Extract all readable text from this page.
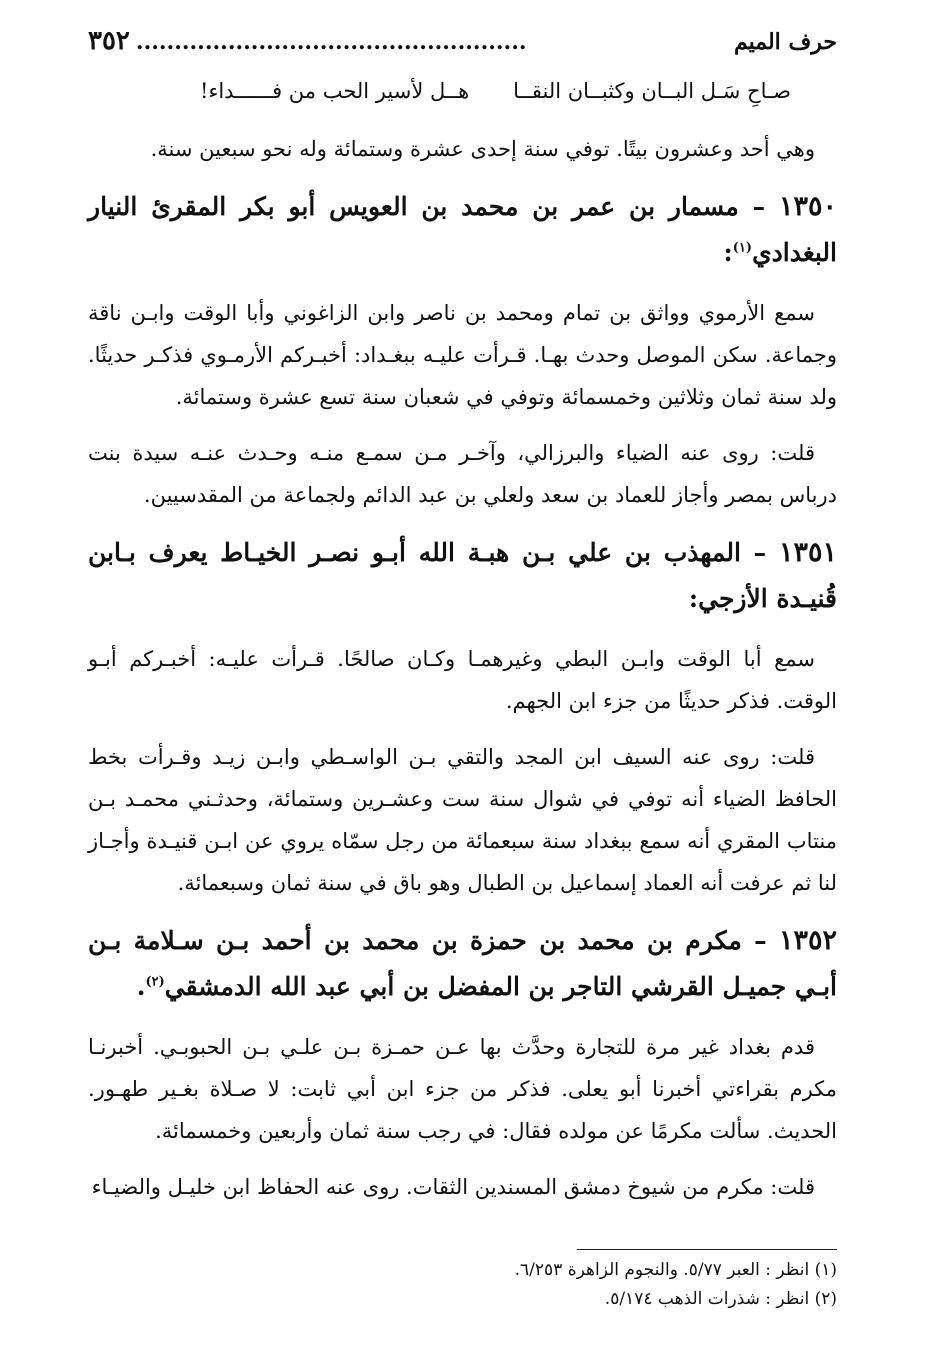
حرف الميم
...................................................
٣٥٢
صـاحِ سَـل البــان وكثبــان النقــا
هــل لأسير الحب من فــــــداء!

وهي أحد وعشرون بيتًا. توفي سنة إحدى عشرة وستمائة وله نحو سبعين سنة.

١٣٥٠ – مسمار بن عمر بن محمد بن العويس أبو بكر المقرئ النيار البغدادي$^{(١)}$:

سمع الأرموي وواثق بن تمام ومحمد بن ناصر وابن الزاغوني وأبا الوقت وابـن ناقة وجماعة. سكن الموصل وحدث بهـا. قـرأت عليـه ببغـداد: أخبـركم الأرمـوي فذكـر حديثًا. ولد سنة ثمان وثلاثين وخمسمائة وتوفي في شعبان سنة تسع عشرة وستمائة.

قلت: روى عنه الضياء والبرزالي، وآخـر مـن سمـع منـه وحـدث عنـه سيدة بنت درباس بمصر وأجاز للعماد بن سعد ولعلي بن عبد الدائم ولجماعة من المقدسيين.

١٣٥١ – المهذب بن علي بـن هبـة الله أبـو نصـر الخيـاط يعرف بـابن قُنيـدة الأزجي:

سمع أبا الوقت وابـن البطي وغيرهمـا وكـان صالحًا. قـرأت عليـه: أخبـركم أبـو الوقت. فذكر حديثًا من جزء ابن الجهم.

قلت: روى عنه السيف ابن المجد والتقي بـن الواسـطي وابـن زيـد وقـرأت بخط الحافظ الضياء أنه توفي في شوال سنة ست وعشـرين وستمائة، وحدثـني محمـد بـن منتاب المقري أنه سمع ببغداد سنة سبعمائة من رجل سمّاه يروي عن ابـن قنيـدة وأجـاز لنا ثم عرفت أنه العماد إسماعيل بن الطبال وهو باق في سنة ثمان وسبعمائة.

١٣٥٢ – مكرم بن محمد بن حمزة بن محمد بن أحمد بـن سـلامة بـن أبـي جميـل القرشي التاجر بن المفضل بن أبي عبد الله الدمشقي$^{(٢)}$.

قدم بغداد غير مرة للتجارة وحدَّث بها عـن حمـزة بـن علـي بـن الحبوبـي. أخبرنـا مكرم بقراءتي أخبرنا أبو يعلى. فذكر من جزء ابن أبي ثابت: لا صـلاة بغـير طهـور. الحديث. سألت مكرمًا عن مولده فقال: في رجب سنة ثمان وأربعين وخمسمائة.

قلت: مكرم من شيوخ دمشق المسندين الثقات. روى عنه الحفاظ ابن خليـل والضيـاء

(١) انظر : العبر ٥/٧٧. والنجوم الزاهرة ٦/٢٥٣.
(٢) انظر : شذرات الذهب ٥/١٧٤.
